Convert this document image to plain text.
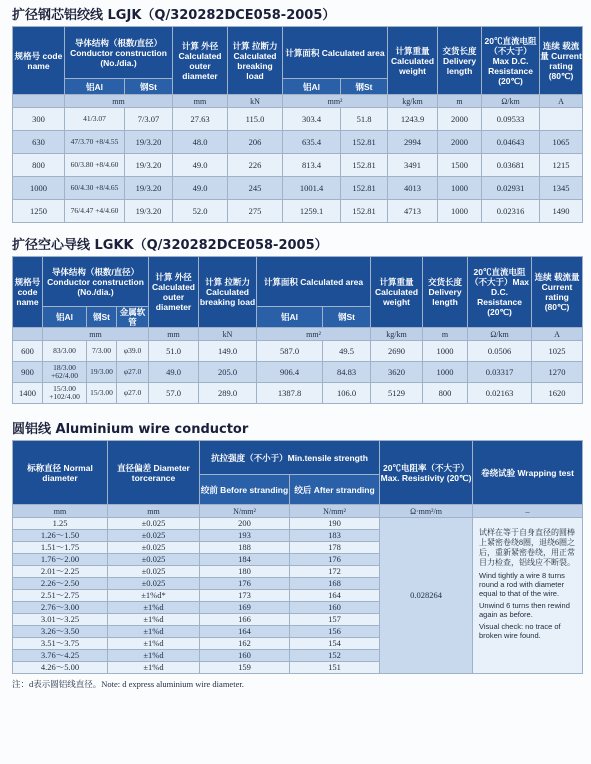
扩径钢芯铝绞线 LGJK（Q/320282DCE058-2005）
规格号 code name	导体结构（根数/直径）Conductor construction (No./dia.)		计算 外径 Calculated outer diameter	计算 拉断力 Calculated breaking load	计算面积 Calculated area		计算重量 Calculated weight	交货长度 Delivery length	20℃直流电阻（不大于）Max D.C. Resistance (20℃)	连续 载流量 Current rating (80℃)
	铝Al	钢St			铝Al	钢St				
	mm		mm	kN	mm²		kg/km	m	Ω/km	A
300	41/3.07	7/3.07	27.63	115.0	303.4	51.8	1243.9	2000	0.09533	
630	47/3.70 +8/4.55	19/3.20	48.0	206	635.4	152.81	2994	2000	0.04643	1065
800	60/3.80 +8/4.60	19/3.20	49.0	226	813.4	152.81	3491	1500	0.03681	1215
1000	60/4.30 +8/4.65	19/3.20	49.0	245	1001.4	152.81	4013	1000	0.02931	1345
1250	76/4.47 +4/4.60	19/3.20	52.0	275	1259.1	152.81	4713	1000	0.02316	1490
扩径空心导线 LGKK（Q/320282DCE058-2005）
规格号 code name	导体结构（根数/直径）Conductor construction (No./dia.)			计算 外径 Calculated outer diameter	计算 拉断力 Calculated breaking load	计算面积 Calculated area		计算重量 Calculated weight	交货长度 Delivery length	20℃直流电阻（不大于）Max D.C. Resistance (20℃)	连续 载流量 Current rating (80℃)
	铝Al	钢St	金属软管			铝Al	钢St				
	mm			mm	kN	mm²		kg/km	m	Ω/km	A
600	83/3.00	7/3.00	φ39.0	51.0	149.0	587.0	49.5	2690	1000	0.0506	1025
900	18/3.00 +62/4.00	19/3.00	φ27.0	49.0	205.0	906.4	84.83	3620	1000	0.03317	1270
1400	15/3.00 +102/4.00	15/3.00	φ27.0	57.0	289.0	1387.8	106.0	5129	800	0.02163	1620
圆铝线 Aluminium wire conductor
标称直径 Normal diameter	直径偏差 Diameter torcerance	抗拉强度（不小于）Min.tensile strength		20℃电阻率（不大于）Max. Resistivity (20℃)	卷绕试验 Wrapping test
		绞前 Before stranding	绞后 After stranding		
mm	mm	N/mm²	N/mm²	Ω·mm²/m	–
1.25	±0.025	200	190	0.028264	试样在等于自身直径的圆棒上紧密卷绕8圈，退绕6圈之后，重新紧密卷绕，用正常目力检查，铝线应不断裂。
Wind tightly a wire 8 turns round a rod with diameter equal to that of the wire.
Unwind 6 turns then rewind again as before.
Visual check: no trace of broken wire found.

1.26～1.50	±0.025	193	183		
1.51～1.75	±0.025	188	178		
1.76～2.00	±0.025	184	176		
2.01～2.25	±0.025	180	172		
2.26～2.50	±0.025	176	168		
2.51～2.75	±1%d*	173	164		
2.76～3.00	±1%d	169	160		
3.01～3.25	±1%d	166	157		
3.26～3.50	±1%d	164	156		
3.51～3.75	±1%d	162	154		
3.76～4.25	±1%d	160	152		
4.26～5.00	±1%d	159	151		
注：d表示圆铝线直径。Note: d express aluminium wire diameter.
